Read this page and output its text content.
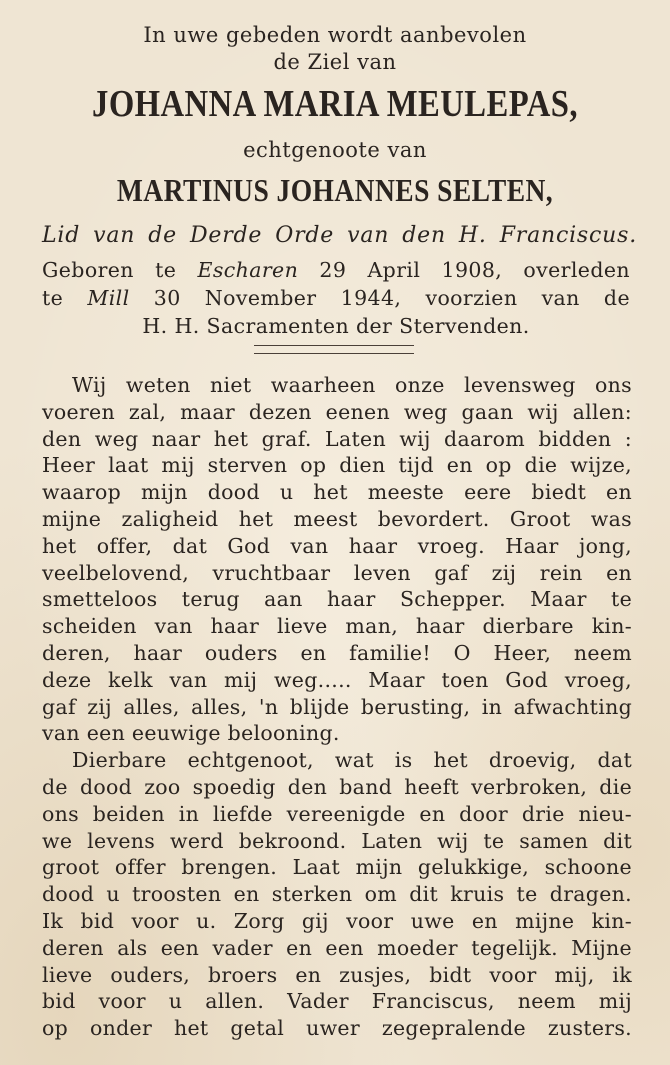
In uwe gebeden wordt aanbevolen
de Ziel van
JOHANNA MARIA MEULEPAS,
echtgenoote van
MARTINUS JOHANNES SELTEN,
Lid van de Derde Orde van den H. Franciscus.
Geboren te Escharen 29 April 1908, overleden
te Mill 30 November 1944, voorzien van de
H. H. Sacramenten der Stervenden.
Wij weten niet waarheen onze levensweg ons
voeren zal, maar dezen eenen weg gaan wij allen:
den weg naar het graf. Laten wij daarom bidden :
Heer laat mij sterven op dien tijd en op die wijze,
waarop mijn dood u het meeste eere biedt en
mijne zaligheid het meest bevordert. Groot was
het offer, dat God van haar vroeg. Haar jong,
veelbelovend, vruchtbaar leven gaf zij rein en
smetteloos terug aan haar Schepper. Maar te
scheiden van haar lieve man, haar dierbare kin-
deren, haar ouders en familie! O Heer, neem
deze kelk van mij weg..... Maar toen God vroeg,
gaf zij alles, alles, 'n blijde berusting, in afwachting
van een eeuwige belooning.
Dierbare echtgenoot, wat is het droevig, dat
de dood zoo spoedig den band heeft verbroken, die
ons beiden in liefde vereenigde en door drie nieu-
we levens werd bekroond. Laten wij te samen dit
groot offer brengen. Laat mijn gelukkige, schoone
dood u troosten en sterken om dit kruis te dragen.
Ik bid voor u. Zorg gij voor uwe en mijne kin-
deren als een vader en een moeder tegelijk. Mijne
lieve ouders, broers en zusjes, bidt voor mij, ik
bid voor u allen. Vader Franciscus, neem mij
op onder het getal uwer zegepralende zusters.
